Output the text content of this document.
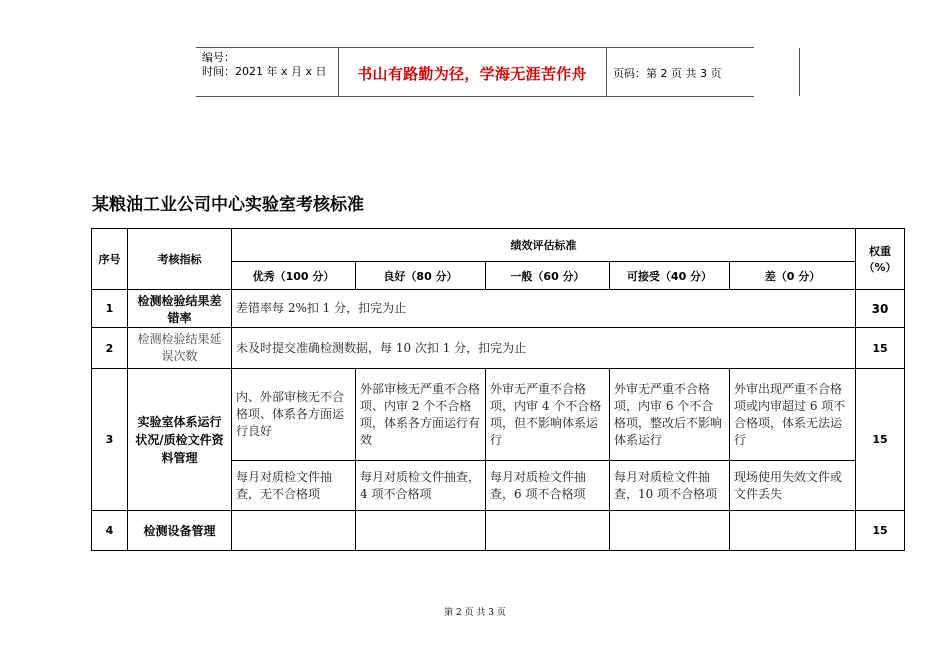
编号：
时间：2021 年 x 月 x 日	书山有路勤为径，学海无涯苦作舟	页码：第 2 页 共 3 页
某粮油工业公司中心实验室考核标准
序号	考核指标	绩效评估标准					权重（%）
		优秀（100 分）	良好（80 分）	一般（60 分）	可接受（40 分）	差（0 分）	
1	检测检验结果差错率	差错率每 2%扣 1 分，扣完为止					30
2	检测检验结果延误次数	未及时提交准确检测数据，每 10 次扣 1 分，扣完为止					15
3	实验室体系运行状况/质检文件资料管理	内、外部审核无不合格项、体系各方面运行良好	外部审核无严重不合格项、内审 2 个不合格项，体系各方面运行有效	外审无严重不合格项，内审 4 个不合格项，但不影响体系运行	外审无严重不合格项，内审 6 个不合格项，整改后不影响体系运行	外审出现严重不合格项或内审超过 6 项不合格项，体系无法运行	15
		每月对质检文件抽查，无不合格项	每月对质检文件抽查，4 项不合格项	每月对质检文件抽查，6 项不合格项	每月对质检文件抽查，10 项不合格项	现场使用失效文件或文件丢失	
4	检测设备管理						15
第 2 页 共 3 页
